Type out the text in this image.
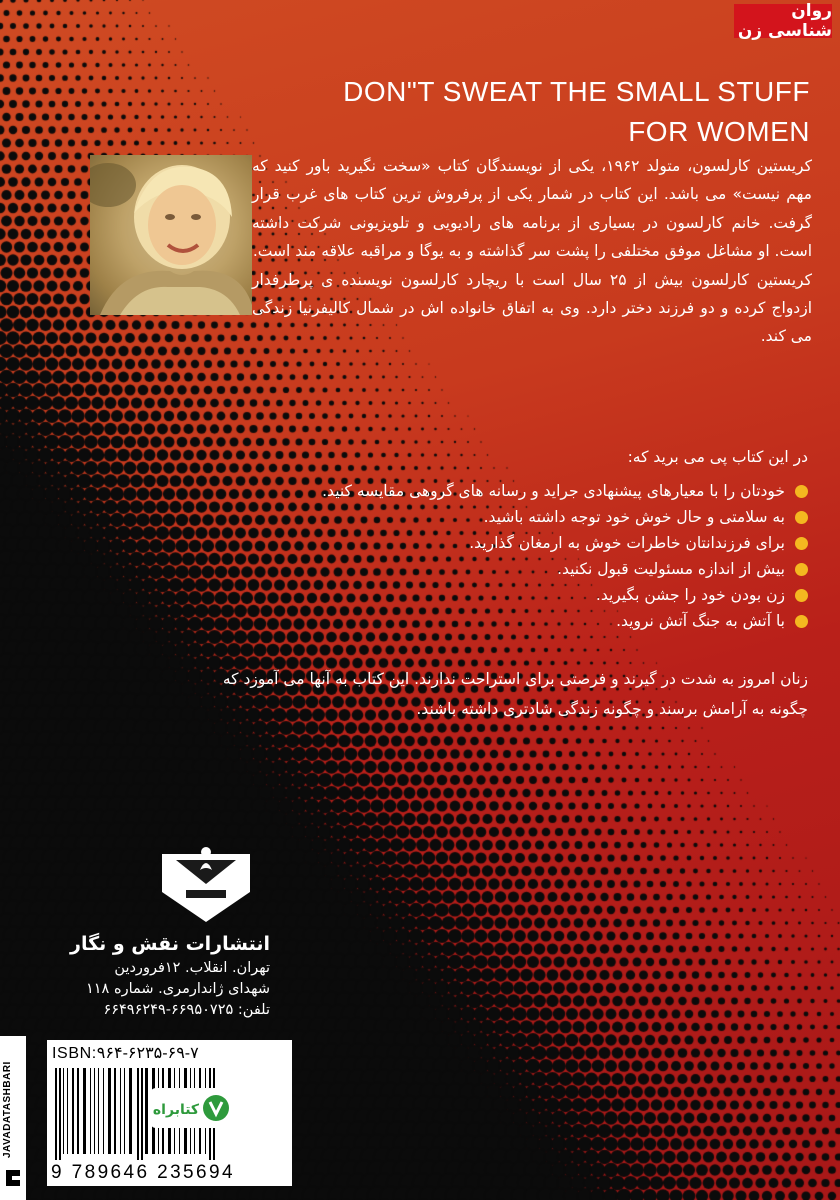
روان شناسی زن
DON"T SWEAT THE SMALL STUFF
FOR WOMEN

کریستین کارلسون، متولد ۱۹۶۲، یکی از نویسندگان کتاب «سخت نگیرید باور کنید که مهم نیست» می باشد. این کتاب در شمار یکی از پرفروش ترین کتاب های غرب قرار گرفت. خانم کارلسون در بسیاری از برنامه های رادیویی و تلویزیونی شرکت داشته است. او مشاغل موفق مختلفی را پشت سر گذاشته و به یوگا و مراقبه علاقه مند است.

کریستین کارلسون بیش از ۲۵ سال است با ریچارد کارلسون نویسنده ی پرطرفدار ازدواج کرده و دو فرزند دختر دارد. وی به اتفاق خانواده اش در شمال کالیفرنیا زندگی می کند.

در این کتاب پی می برید که:
خودتان را با معیارهای پیشنهادی جراید و رسانه های گروهی مقایسه کنید.
به سلامتی و حال خوش خود توجه داشته باشید.
برای فرزندانتان خاطرات خوش به ارمغان گذارید.
بیش از اندازه مسئولیت قبول نکنید.
زن بودن خود را جشن بگیرید.
با آتش به جنگ آتش نروید.

زنان امروز به شدت در گیرند و فرصتی برای استراحت ندارند. این کتاب به آنها می آموزد که چگونه به آرامش برسند و چگونه زندگی شادتری داشته باشند.

انتشارات نقش و نگار
تهران. انقلاب. ۱۲فروردین
شهدای ژاندارمری. شماره ۱۱۸
تلفن: ۶۶۹۵۰۷۲۵-۶۶۴۹۶۲۴۹
JAVADATASHBARI
ISBN:۹۶۴-۶۲۳۵-۶۹-۷
9 789646 235694
کتابراه
